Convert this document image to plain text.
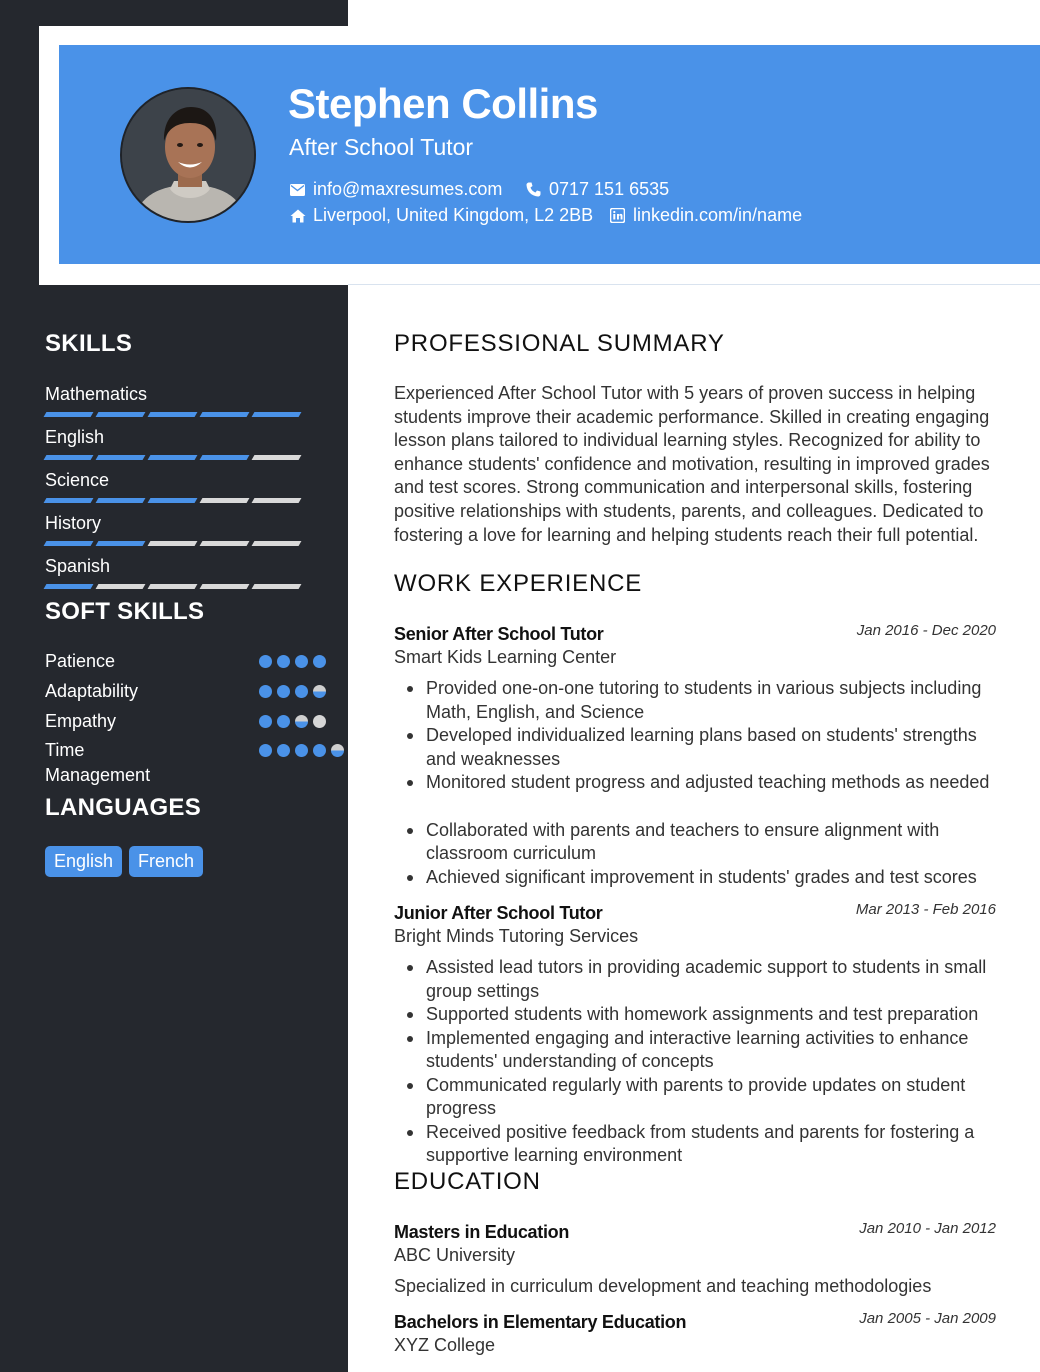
Stephen Collins
After School Tutor
info@maxresumes.com	0717 151 6535
Liverpool, United Kingdom, L2 2BB linkedin.com/in/name
SKILLS
Mathematics
English
Science
History
Spanish
SOFT SKILLS
Patience
Adaptability
Empathy
Time
Management
LANGUAGES
English	French
PROFESSIONAL SUMMARY
Experienced After School Tutor with 5 years of proven success in helping students improve their academic performance. Skilled in creating engaging lesson plans tailored to individual learning styles. Recognized for ability to enhance students' confidence and motivation, resulting in improved grades and test scores. Strong communication and interpersonal skills, fostering positive relationships with students, parents, and colleagues. Dedicated to fostering a love for learning and helping students reach their full potential.
WORK EXPERIENCE
Senior After School Tutor	Jan 2016 - Dec 2020
Smart Kids Learning Center
Provided one-on-one tutoring to students in various subjects including Math, English, and Science
Developed individualized learning plans based on students' strengths and weaknesses
Monitored student progress and adjusted teaching methods as needed
Collaborated with parents and teachers to ensure alignment with classroom curriculum
Achieved significant improvement in students' grades and test scores
Junior After School Tutor	Mar 2013 - Feb 2016
Bright Minds Tutoring Services
Assisted lead tutors in providing academic support to students in small group settings
Supported students with homework assignments and test preparation
Implemented engaging and interactive learning activities to enhance students' understanding of concepts
Communicated regularly with parents to provide updates on student progress
Received positive feedback from students and parents for fostering a supportive learning environment
EDUCATION
Masters in Education	Jan 2010 - Jan 2012
ABC University
Specialized in curriculum development and teaching methodologies
Bachelors in Elementary Education	Jan 2005 - Jan 2009
XYZ College
